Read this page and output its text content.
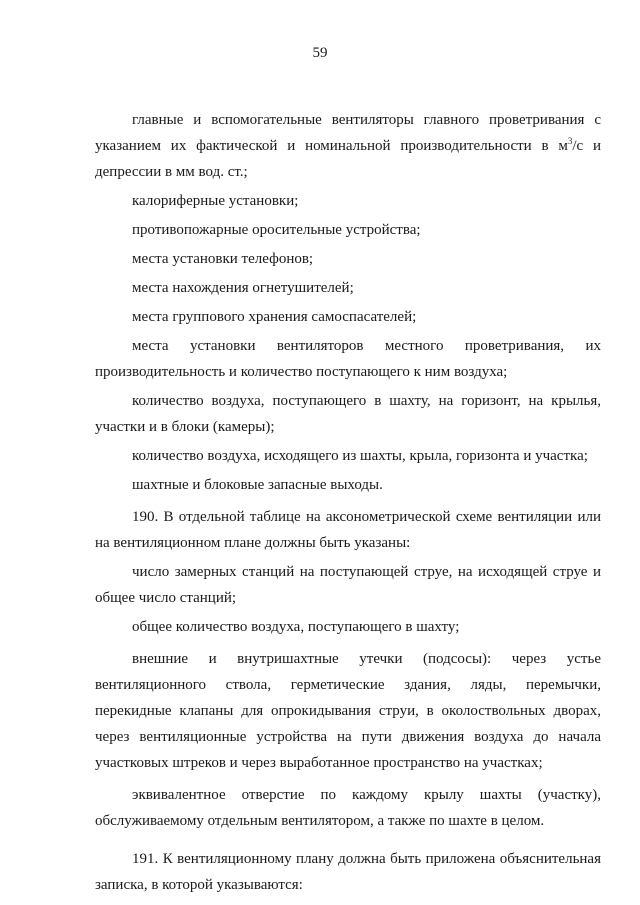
59

главные и вспомогательные вентиляторы главного проветривания с указанием их фактической и номинальной производительности в $м^3/с$ и депрессии в мм вод. ст.;

калориферные установки;

противопожарные оросительные устройства;

места установки телефонов;

места нахождения огнетушителей;

места группового хранения самоспасателей;

места установки вентиляторов местного проветривания, их производительность и количество поступающего к ним воздуха;

количество воздуха, поступающего в шахту, на горизонт, на крылья, участки и в блоки (камеры);

количество воздуха, исходящего из шахты, крыла, горизонта и участка;

шахтные и блоковые запасные выходы.

190. В отдельной таблице на аксонометрической схеме вентиляции или на вентиляционном плане должны быть указаны:

число замерных станций на поступающей струе, на исходящей струе и общее число станций;

общее количество воздуха, поступающего в шахту;

внешние и внутришахтные утечки (подсосы): через устье вентиляционного ствола, герметические здания, ляды, перемычки, перекидные клапаны для опрокидывания струи, в околоствольных дворах, через вентиляционные устройства на пути движения воздуха до начала участковых штреков и через выработанное пространство на участках;

эквивалентное отверстие по каждому крылу шахты (участку), обслуживаемому отдельным вентилятором, а также по шахте в целом.

191. К вентиляционному плану должна быть приложена объяснительная записка, в которой указываются:
